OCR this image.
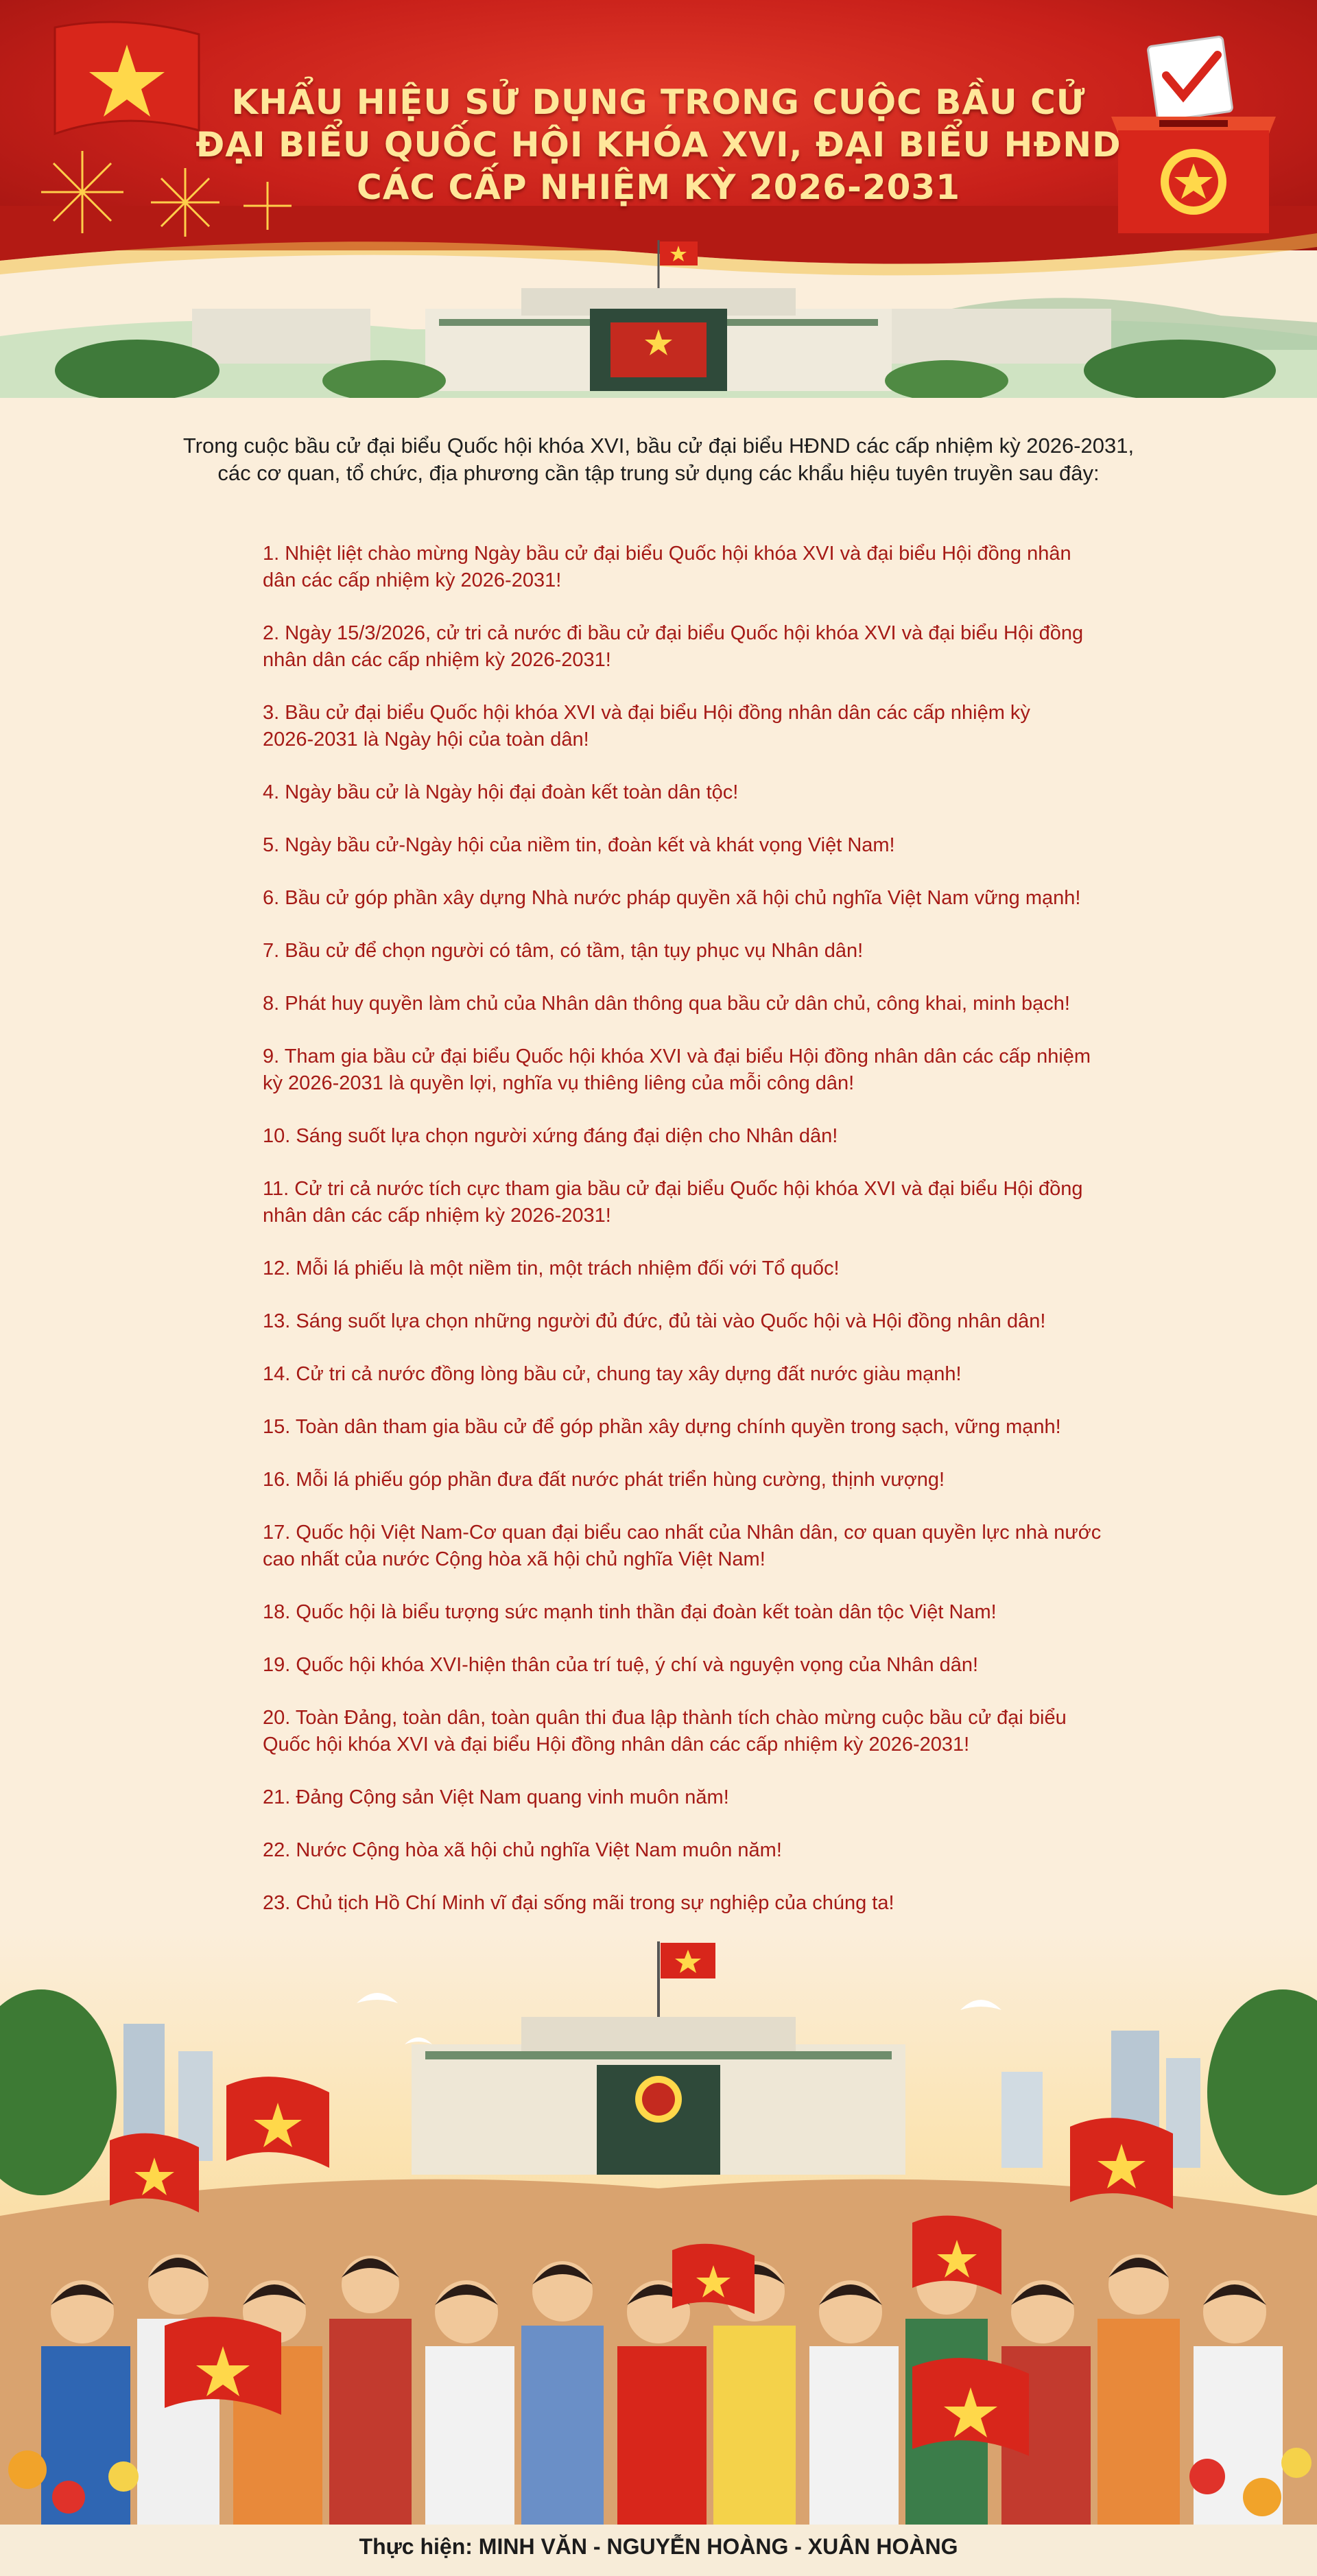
KHẨU HIỆU SỬ DỤNG TRONG CUỘC BẦU CỬ
ĐẠI BIỂU QUỐC HỘI KHÓA XVI, ĐẠI BIỂU HĐND
CÁC CẤP NHIỆM KỲ 2026-2031

Trong cuộc bầu cử đại biểu Quốc hội khóa XVI, bầu cử đại biểu HĐND các cấp nhiệm kỳ 2026-2031,
các cơ quan, tổ chức, địa phương cần tập trung sử dụng các khẩu hiệu tuyên truyền sau đây:

1. Nhiệt liệt chào mừng Ngày bầu cử đại biểu Quốc hội khóa XVI và đại biểu Hội đồng nhân
dân các cấp nhiệm kỳ 2026-2031!

2. Ngày 15/3/2026, cử tri cả nước đi bầu cử đại biểu Quốc hội khóa XVI và đại biểu Hội đồng
nhân dân các cấp nhiệm kỳ 2026-2031!

3. Bầu cử đại biểu Quốc hội khóa XVI và đại biểu Hội đồng nhân dân các cấp nhiệm kỳ
2026-2031 là Ngày hội của toàn dân!

4. Ngày bầu cử là Ngày hội đại đoàn kết toàn dân tộc!

5. Ngày bầu cử-Ngày hội của niềm tin, đoàn kết và khát vọng Việt Nam!

6. Bầu cử góp phần xây dựng Nhà nước pháp quyền xã hội chủ nghĩa Việt Nam vững mạnh!

7. Bầu cử để chọn người có tâm, có tầm, tận tụy phục vụ Nhân dân!

8. Phát huy quyền làm chủ của Nhân dân thông qua bầu cử dân chủ, công khai, minh bạch!

9. Tham gia bầu cử đại biểu Quốc hội khóa XVI và đại biểu Hội đồng nhân dân các cấp nhiệm
kỳ 2026-2031 là quyền lợi, nghĩa vụ thiêng liêng của mỗi công dân!

10. Sáng suốt lựa chọn người xứng đáng đại diện cho Nhân dân!

11. Cử tri cả nước tích cực tham gia bầu cử đại biểu Quốc hội khóa XVI và đại biểu Hội đồng
nhân dân các cấp nhiệm kỳ 2026-2031!

12. Mỗi lá phiếu là một niềm tin, một trách nhiệm đối với Tổ quốc!

13. Sáng suốt lựa chọn những người đủ đức, đủ tài vào Quốc hội và Hội đồng nhân dân!

14. Cử tri cả nước đồng lòng bầu cử, chung tay xây dựng đất nước giàu mạnh!

15. Toàn dân tham gia bầu cử để góp phần xây dựng chính quyền trong sạch, vững mạnh!

16. Mỗi lá phiếu góp phần đưa đất nước phát triển hùng cường, thịnh vượng!

17. Quốc hội Việt Nam-Cơ quan đại biểu cao nhất của Nhân dân, cơ quan quyền lực nhà nước
cao nhất của nước Cộng hòa xã hội chủ nghĩa Việt Nam!

18. Quốc hội là biểu tượng sức mạnh tinh thần đại đoàn kết toàn dân tộc Việt Nam!

19. Quốc hội khóa XVI-hiện thân của trí tuệ, ý chí và nguyện vọng của Nhân dân!

20. Toàn Đảng, toàn dân, toàn quân thi đua lập thành tích chào mừng cuộc bầu cử đại biểu
Quốc hội khóa XVI và đại biểu Hội đồng nhân dân các cấp nhiệm kỳ 2026-2031!

21. Đảng Cộng sản Việt Nam quang vinh muôn năm!

22. Nước Cộng hòa xã hội chủ nghĩa Việt Nam muôn năm!

23. Chủ tịch Hồ Chí Minh vĩ đại sống mãi trong sự nghiệp của chúng ta!

Thực hiện: MINH VĂN - NGUYỄN HOÀNG - XUÂN HOÀNG
